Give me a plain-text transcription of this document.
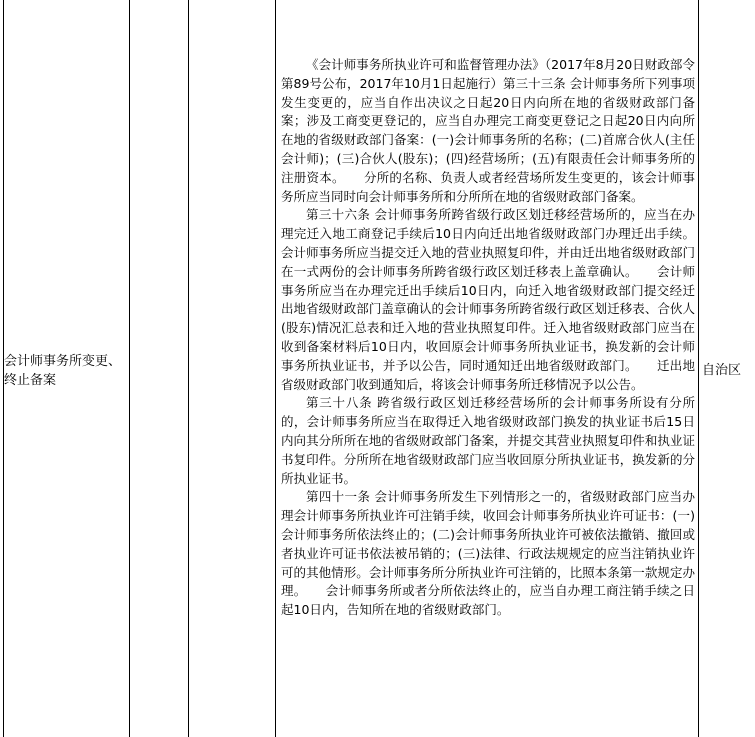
会计师事务所变更、终止备案

《会计师事务所执业许可和监督管理办法》（2017年8月20日财政部令第89号公布，2017年10月1日起施行）第三十三条 会计师事务所下列事项发生变更的，应当自作出决议之日起20日内向所在地的省级财政部门备案；涉及工商变更登记的，应当自办理完工商变更登记之日起20日内向所在地的省级财政部门备案：(一)会计师事务所的名称；(二)首席合伙人(主任会计师)；(三)合伙人(股东)；(四)经营场所；(五)有限责任会计师事务所的注册资本。　　分所的名称、负责人或者经营场所发生变更的，该会计师事务所应当同时向会计师事务所和分所所在地的省级财政部门备案。

第三十六条 会计师事务所跨省级行政区划迁移经营场所的，应当在办理完迁入地工商登记手续后10日内向迁出地省级财政部门办理迁出手续。会计师事务所应当提交迁入地的营业执照复印件，并由迁出地省级财政部门在一式两份的会计师事务所跨省级行政区划迁移表上盖章确认。　　会计师事务所应当在办理完迁出手续后10日内，向迁入地省级财政部门提交经迁出地省级财政部门盖章确认的会计师事务所跨省级行政区划迁移表、合伙人(股东)情况汇总表和迁入地的营业执照复印件。迁入地省级财政部门应当在收到备案材料后10日内，收回原会计师事务所执业证书，换发新的会计师事务所执业证书，并予以公告，同时通知迁出地省级财政部门。　　迁出地省级财政部门收到通知后，将该会计师事务所迁移情况予以公告。

第三十八条 跨省级行政区划迁移经营场所的会计师事务所设有分所的，会计师事务所应当在取得迁入地省级财政部门换发的执业证书后15日内向其分所所在地的省级财政部门备案，并提交其营业执照复印件和执业证书复印件。分所所在地省级财政部门应当收回原分所执业证书，换发新的分所执业证书。

第四十一条 会计师事务所发生下列情形之一的，省级财政部门应当办理会计师事务所执业许可注销手续，收回会计师事务所执业许可证书：(一)会计师事务所依法终止的；(二)会计师事务所执业许可被依法撤销、撤回或者执业许可证书依法被吊销的；(三)法律、行政法规规定的应当注销执业许可的其他情形。会计师事务所分所执业许可注销的，比照本条第一款规定办理。　　会计师事务所或者分所依法终止的，应当自办理工商注销手续之日起10日内，告知所在地的省级财政部门。

自治区
